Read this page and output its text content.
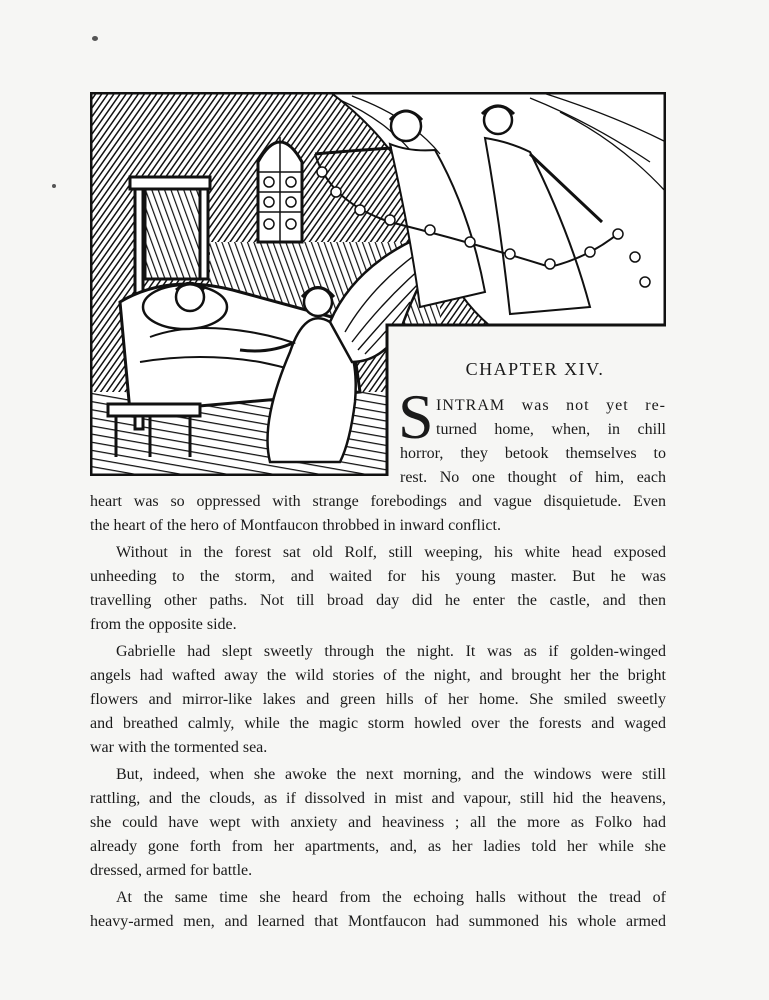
CHAPTER XIV.
S INTRAM was not yet re-
turned home, when, in chill
horror, they betook themselves to
rest. No one thought of him, each
heart was so oppressed with strange forebodings and vague disquietude. Even
the heart of the hero of Montfaucon throbbed in inward conflict.
Without in the forest sat old Rolf, still weeping, his white head exposed
unheeding to the storm, and waited for his young master. But he was
travelling other paths. Not till broad day did he enter the castle, and then
from the opposite side.
Gabrielle had slept sweetly through the night. It was as if golden-winged
angels had wafted away the wild stories of the night, and brought her the bright
flowers and mirror-like lakes and green hills of her home. She smiled sweetly
and breathed calmly, while the magic storm howled over the forests and waged
war with the tormented sea.
But, indeed, when she awoke the next morning, and the windows were still
rattling, and the clouds, as if dissolved in mist and vapour, still hid the heavens,
she could have wept with anxiety and heaviness ; all the more as Folko had
already gone forth from her apartments, and, as her ladies told her while she
dressed, armed for battle.
At the same time she heard from the echoing halls without the tread of
heavy-armed men, and learned that Montfaucon had summoned his whole armed
